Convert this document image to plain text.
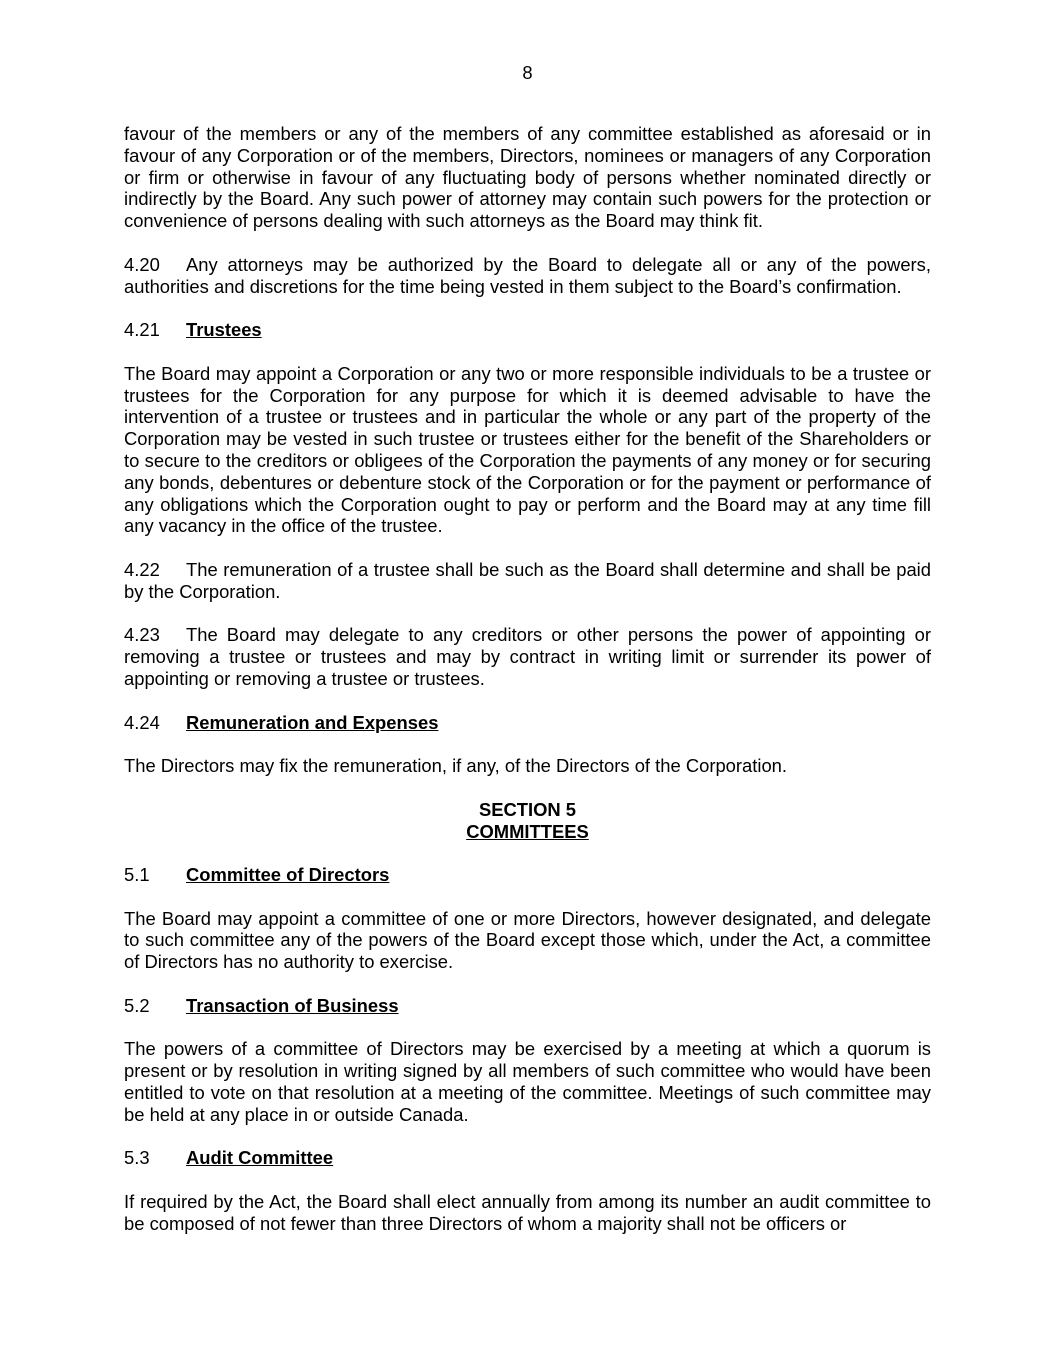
8

favour of the members or any of the members of any committee established as aforesaid or in favour of any Corporation or of the members, Directors, nominees or managers of any Corporation or firm or otherwise in favour of any fluctuating body of persons whether nominated directly or indirectly by the Board. Any such power of attorney may contain such powers for the protection or convenience of persons dealing with such attorneys as the Board may think fit.

4.20 Any attorneys may be authorized by the Board to delegate all or any of the powers, authorities and discretions for the time being vested in them subject to the Board’s confirmation.

4.21 Trustees

The Board may appoint a Corporation or any two or more responsible individuals to be a trustee or trustees for the Corporation for any purpose for which it is deemed advisable to have the intervention of a trustee or trustees and in particular the whole or any part of the property of the Corporation may be vested in such trustee or trustees either for the benefit of the Shareholders or to secure to the creditors or obligees of the Corporation the payments of any money or for securing any bonds, debentures or debenture stock of the Corporation or for the payment or performance of any obligations which the Corporation ought to pay or perform and the Board may at any time fill any vacancy in the office of the trustee.

4.22 The remuneration of a trustee shall be such as the Board shall determine and shall be paid by the Corporation.

4.23 The Board may delegate to any creditors or other persons the power of appointing or removing a trustee or trustees and may by contract in writing limit or surrender its power of appointing or removing a trustee or trustees.

4.24 Remuneration and Expenses

The Directors may fix the remuneration, if any, of the Directors of the Corporation.

SECTION 5
COMMITTEES
5.1 Committee of Directors

The Board may appoint a committee of one or more Directors, however designated, and delegate to such committee any of the powers of the Board except those which, under the Act, a committee of Directors has no authority to exercise.

5.2 Transaction of Business

The powers of a committee of Directors may be exercised by a meeting at which a quorum is present or by resolution in writing signed by all members of such committee who would have been entitled to vote on that resolution at a meeting of the committee. Meetings of such committee may be held at any place in or outside Canada.

5.3 Audit Committee

If required by the Act, the Board shall elect annually from among its number an audit committee to be composed of not fewer than three Directors of whom a majority shall not be officers or
